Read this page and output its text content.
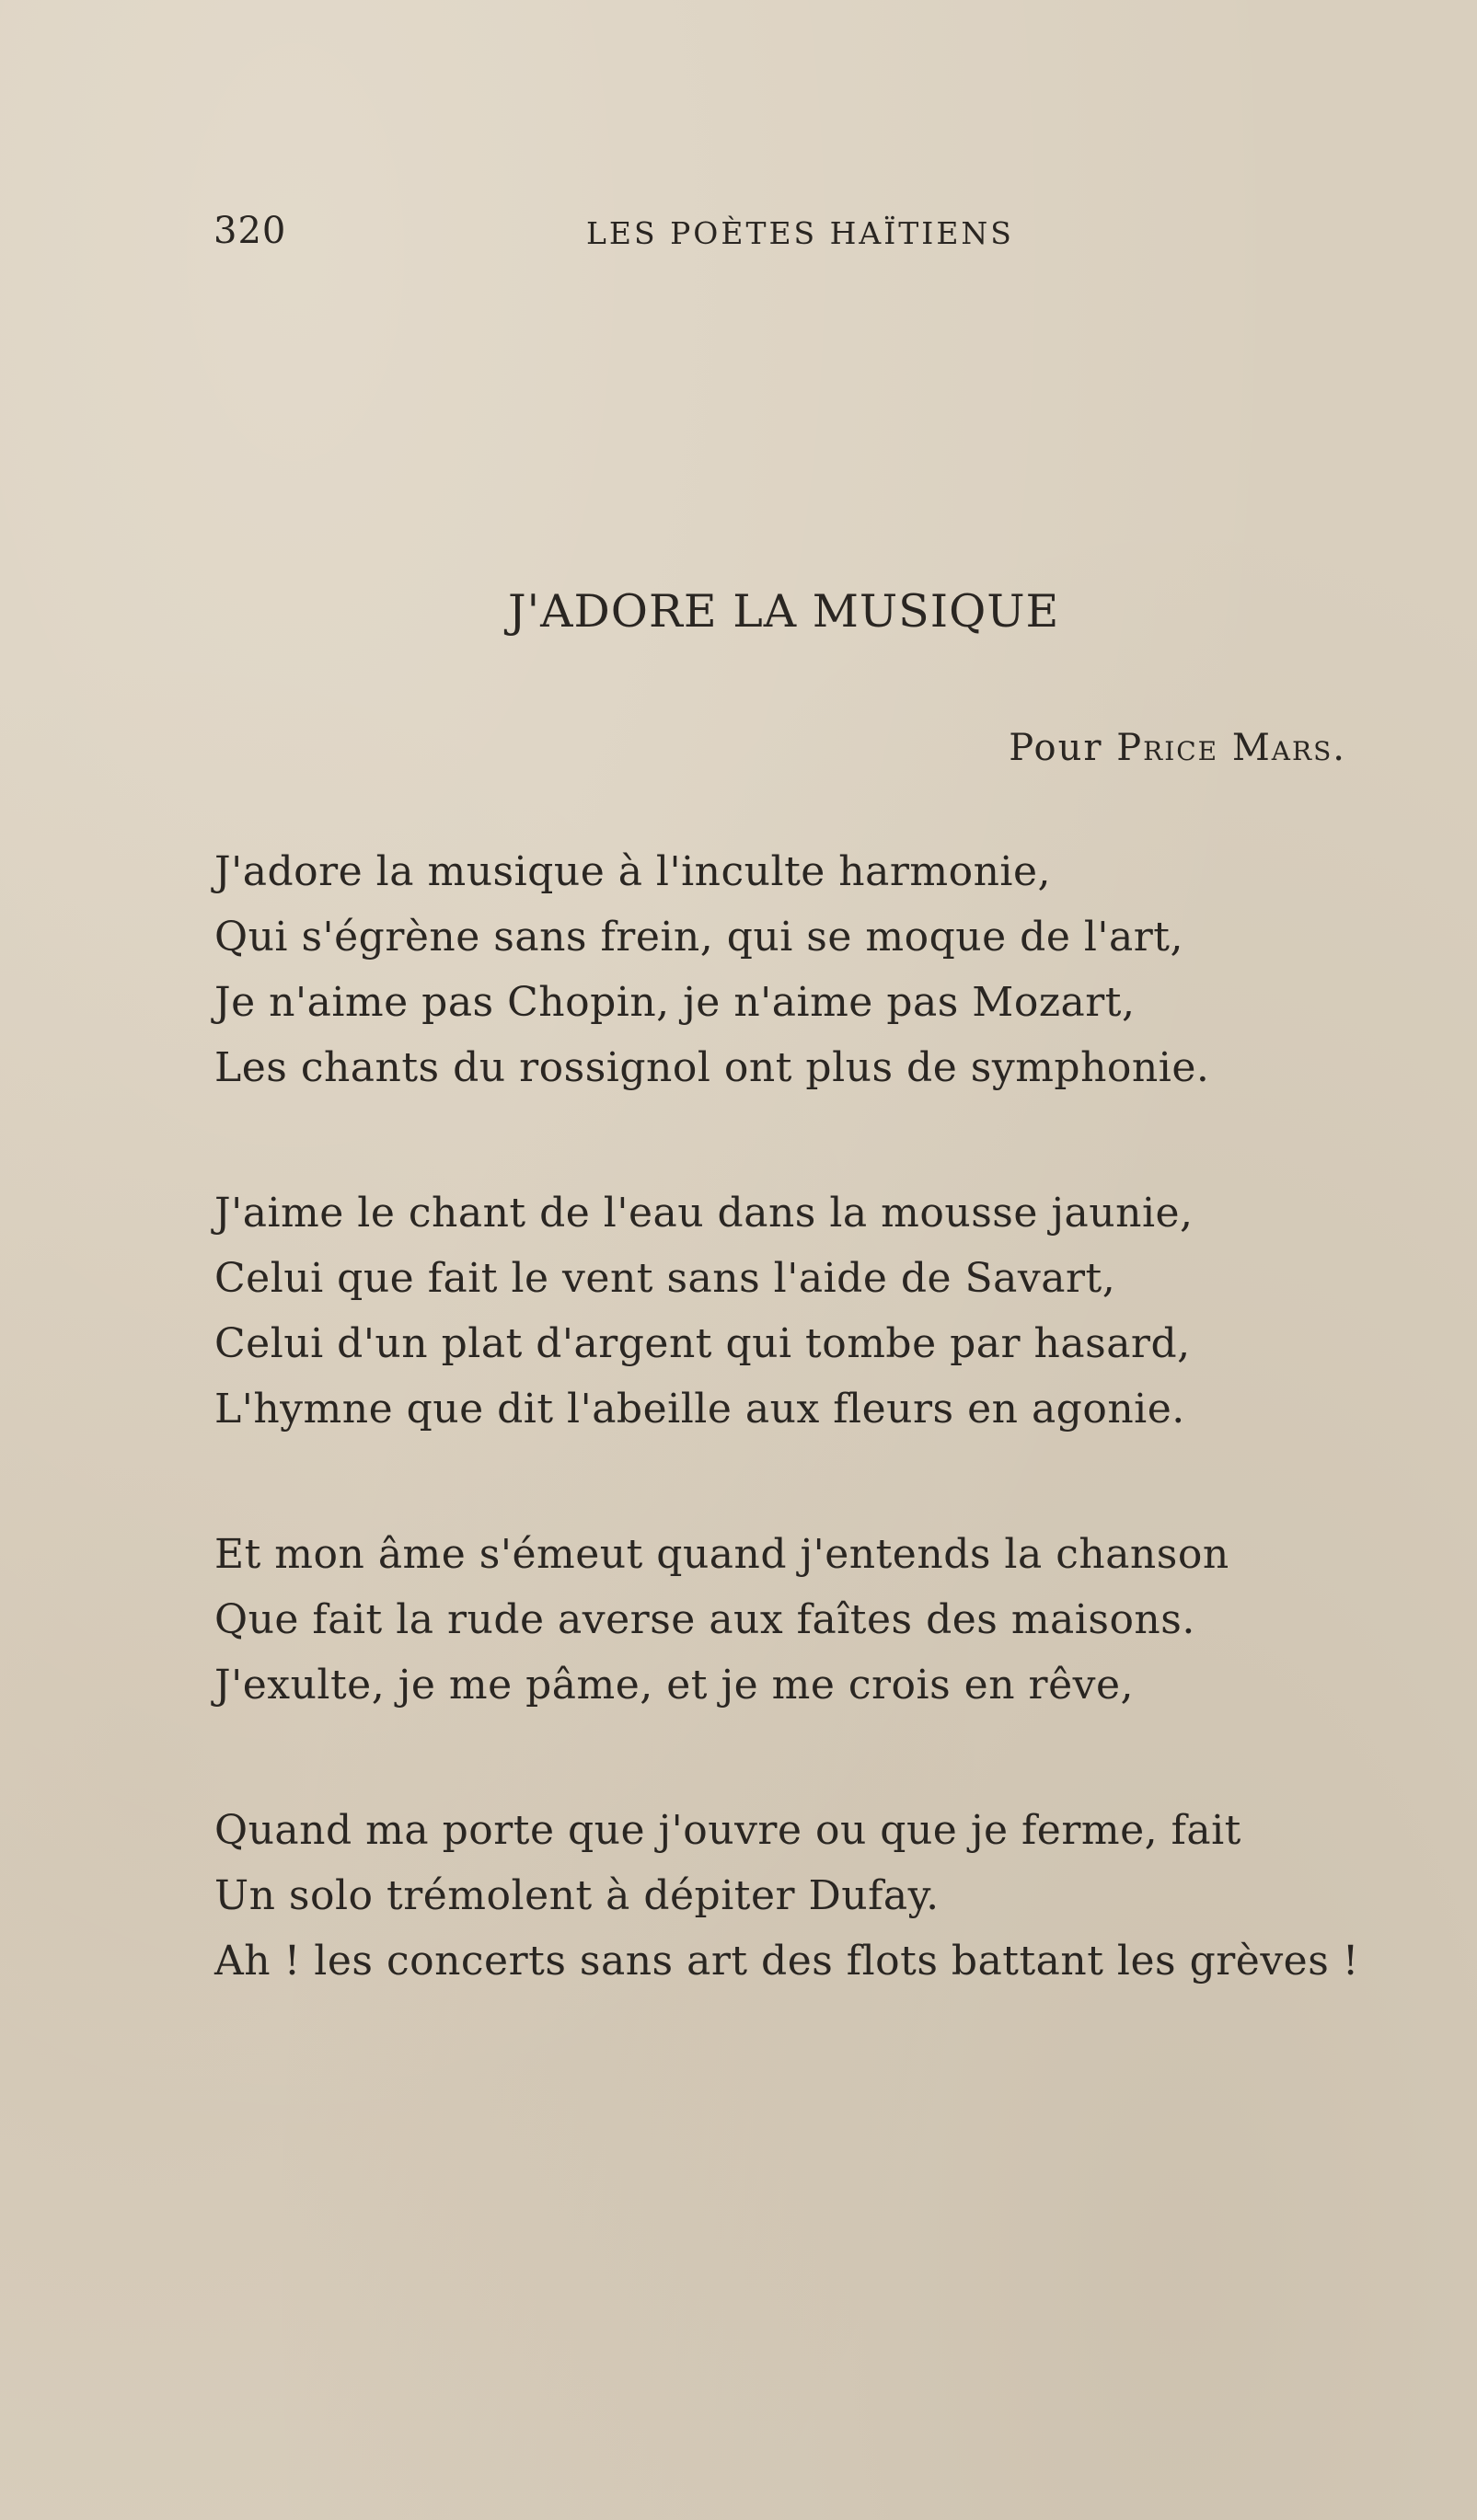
320	LES POÈTES HAÏTIENS
J'ADORE LA MUSIQUE
Pour Price Mars.
J'adore la musique à l'inculte harmonie,
Qui s'égrène sans frein, qui se moque de l'art,
Je n'aime pas Chopin, je n'aime pas Mozart,
Les chants du rossignol ont plus de symphonie.
J'aime le chant de l'eau dans la mousse jaunie,
Celui que fait le vent sans l'aide de Savart,
Celui d'un plat d'argent qui tombe par hasard,
L'hymne que dit l'abeille aux fleurs en agonie.
Et mon âme s'émeut quand j'entends la chanson
Que fait la rude averse aux faîtes des maisons.
J'exulte, je me pâme, et je me crois en rêve,
Quand ma porte que j'ouvre ou que je ferme, fait
Un solo trémolent à dépiter Dufay.
Ah ! les concerts sans art des flots battant les grèves !
